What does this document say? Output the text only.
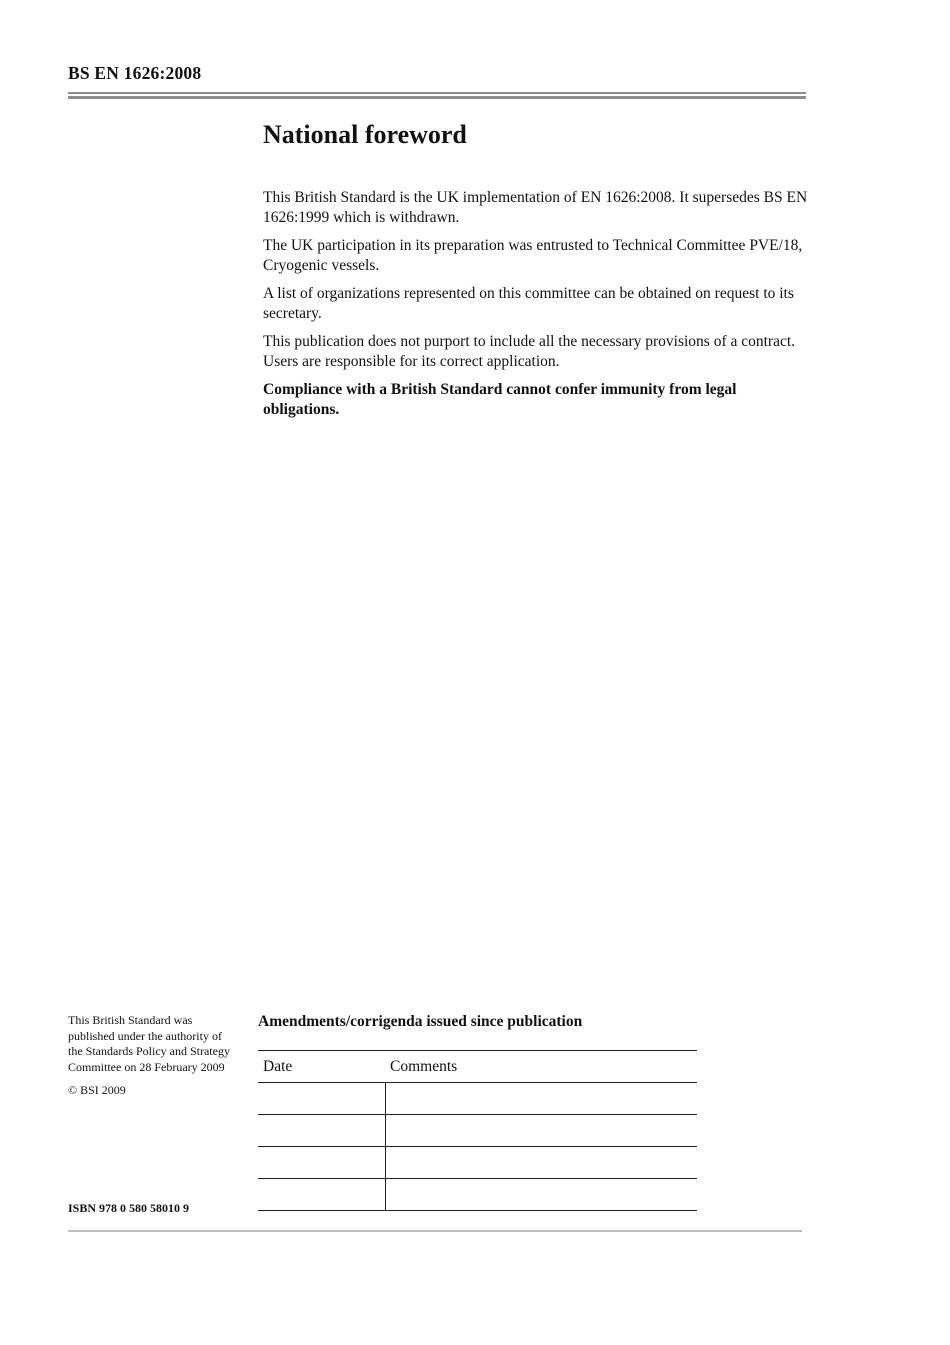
BS EN 1626:2008
National foreword

This British Standard is the UK implementation of EN 1626:2008. It supersedes BS EN 1626:1999 which is withdrawn.

The UK participation in its preparation was entrusted to Technical Committee PVE/18, Cryogenic vessels.

A list of organizations represented on this committee can be obtained on request to its secretary.

This publication does not purport to include all the necessary provisions of a contract. Users are responsible for its correct application.

Compliance with a British Standard cannot confer immunity from legal obligations.

This British Standard was published under the authority of the Standards Policy and Strategy Committee on 28 February 2009

© BSI 2009

ISBN 978 0 580 58010 9
Amendments/corrigenda issued since publication
Date	Comments
